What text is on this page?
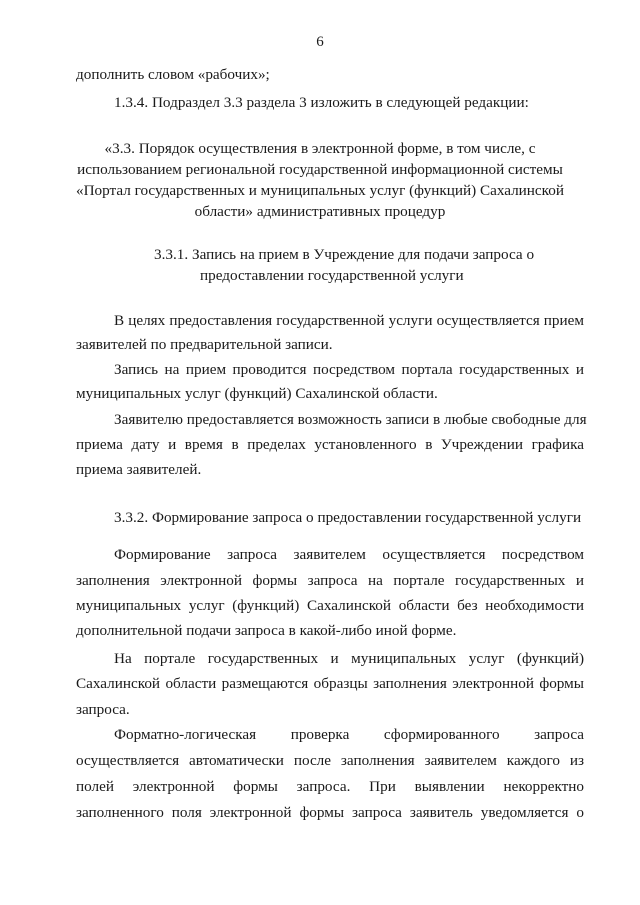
6
дополнить словом «рабочих»;
1.3.4. Подраздел 3.3 раздела 3 изложить в следующей редакции:
«3.3. Порядок осуществления в электронной форме, в том числе, с
использованием региональной государственной информационной системы
«Портал государственных и муниципальных услуг (функций) Сахалинской
области» административных процедур
3.3.1. Запись на прием в Учреждение для подачи запроса о
предоставлении государственной услуги
В целях предоставления государственной услуги осуществляется прием
заявителей по предварительной записи.
Запись на прием проводится посредством портала государственных и
муниципальных услуг (функций) Сахалинской области.
Заявителю предоставляется возможность записи в любые свободные для
приема дату и время в пределах установленного в Учреждении графика
приема заявителей.
3.3.2. Формирование запроса о предоставлении государственной услуги
Формирование запроса заявителем осуществляется посредством
заполнения электронной формы запроса на портале государственных и
муниципальных услуг (функций) Сахалинской области без необходимости
дополнительной подачи запроса в какой-либо иной форме.
На портале государственных и муниципальных услуг (функций)
Сахалинской области размещаются образцы заполнения электронной формы
запроса.
Форматно-логическая проверка сформированного запроса
осуществляется автоматически после заполнения заявителем каждого из
полей электронной формы запроса. При выявлении некорректно
заполненного поля электронной формы запроса заявитель уведомляется о
